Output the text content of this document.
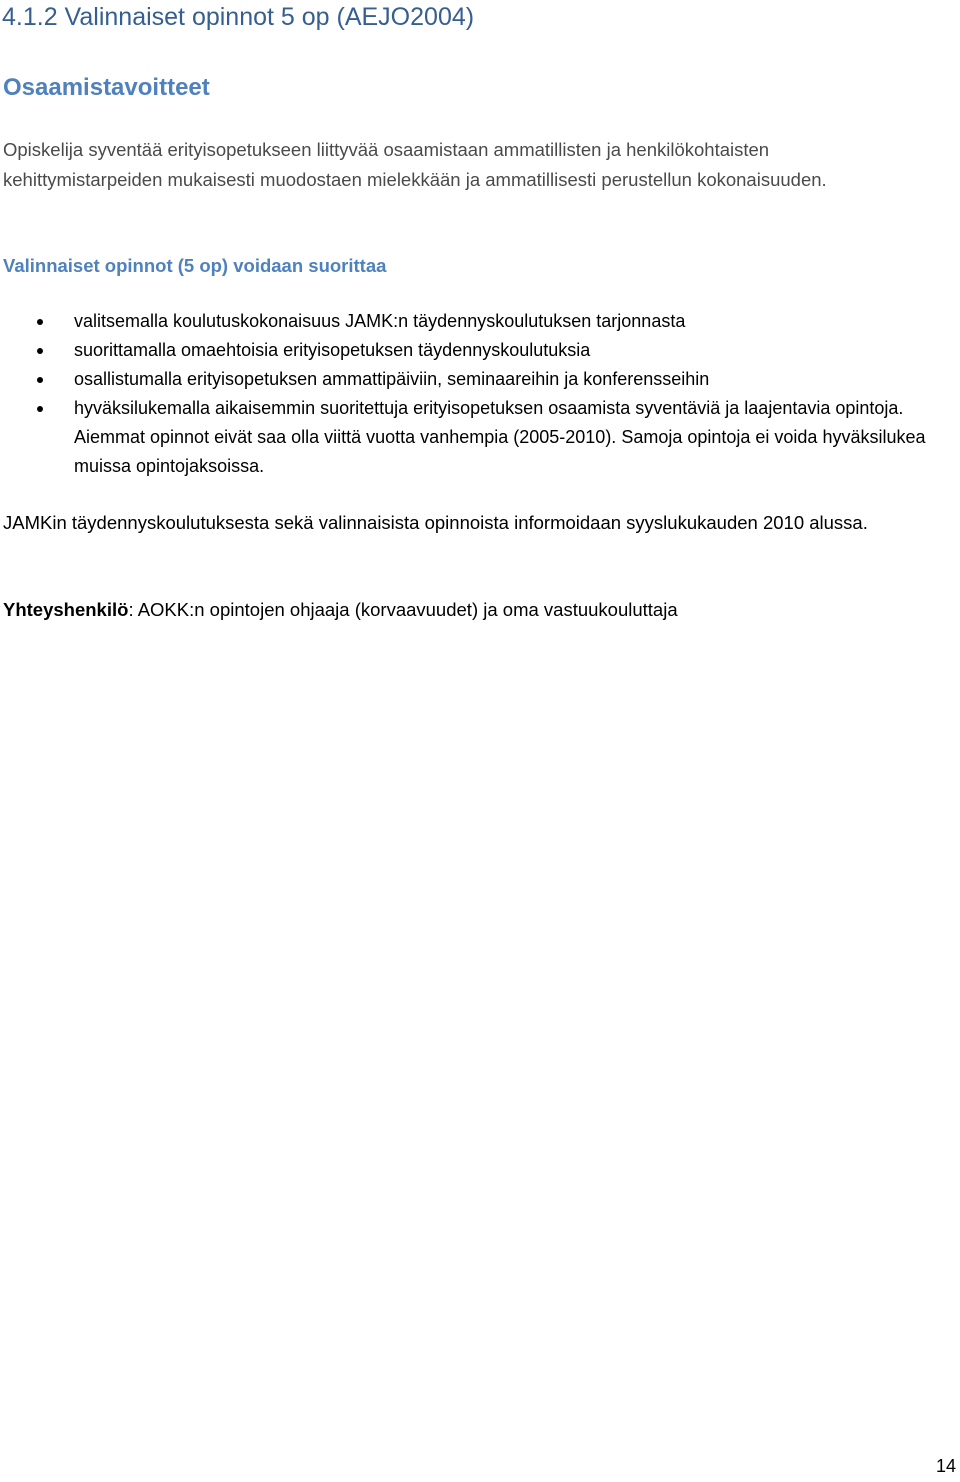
4.1.2 Valinnaiset opinnot 5 op (AEJO2004)
Osaamistavoitteet
Opiskelija syventää erityisopetukseen liittyvää osaamistaan ammatillisten ja henkilökohtaisten kehittymistarpeiden mukaisesti muodostaen mielekkään ja ammatillisesti perustellun kokonaisuuden.
Valinnaiset opinnot (5 op) voidaan suorittaa
valitsemalla koulutuskokonaisuus JAMK:n täydennyskoulutuksen tarjonnasta
suorittamalla omaehtoisia erityisopetuksen täydennyskoulutuksia
osallistumalla erityisopetuksen ammattipäiviin, seminaareihin ja konferensseihin
hyväksilukemalla aikaisemmin suoritettuja erityisopetuksen osaamista syventäviä ja laajentavia opintoja. Aiemmat opinnot eivät saa olla viittä vuotta vanhempia (2005-2010). Samoja opintoja ei voida hyväksilukea muissa opintojaksoissa.
JAMKin täydennyskoulutuksesta sekä valinnaisista opinnoista informoidaan syyslukukauden 2010 alussa.
Yhteyshenkilö: AOKK:n opintojen ohjaaja (korvaavuudet) ja oma vastuukouluttaja
14
